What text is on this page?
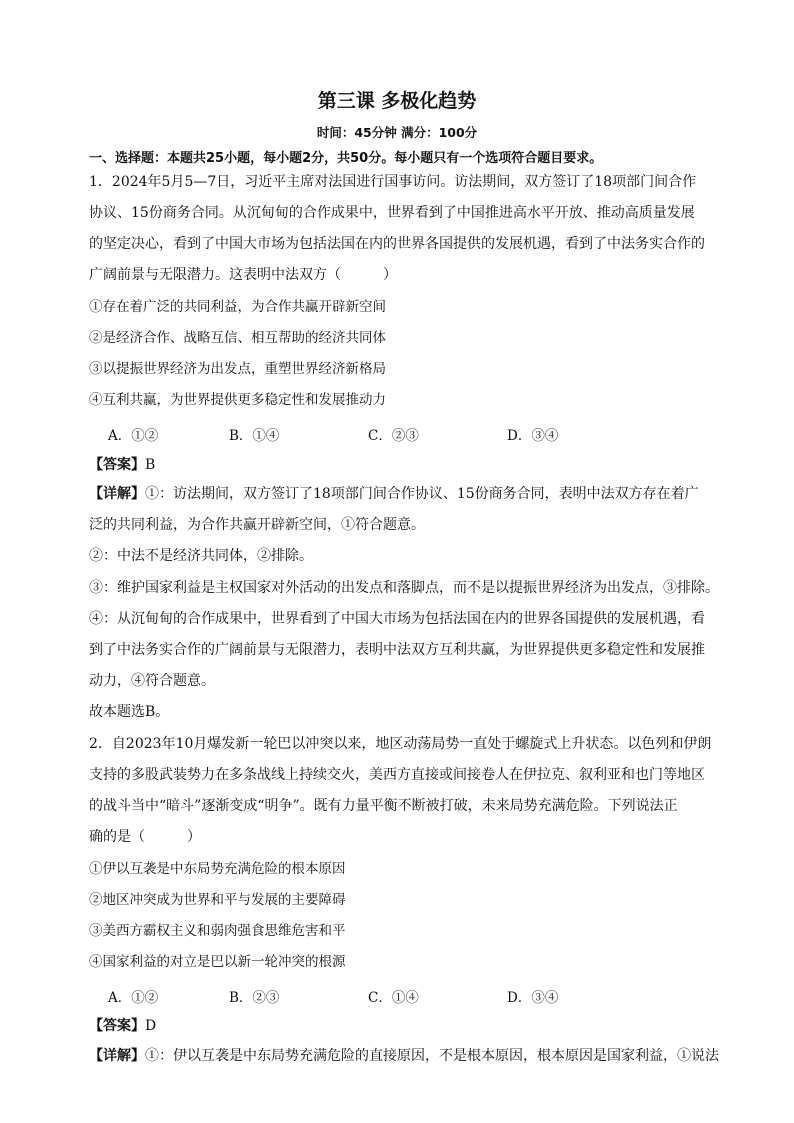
第三课 多极化趋势
时间：45分钟 满分：100分
一、选择题：本题共25小题，每小题2分，共50分。每小题只有一个选项符合题目要求。
1．2024年5月5—7日，习近平主席对法国进行国事访问。访法期间，双方签订了18项部门间合作
协议、15份商务合同。从沉甸甸的合作成果中，世界看到了中国推进高水平开放、推动高质量发展
的坚定决心，看到了中国大市场为包括法国在内的世界各国提供的发展机遇，看到了中法务实合作的
广阔前景与无限潜力。这表明中法双方（　　　）
①存在着广泛的共同利益，为合作共赢开辟新空间
②是经济合作、战略互信、相互帮助的经济共同体
③以提振世界经济为出发点，重塑世界经济新格局
④互利共赢，为世界提供更多稳定性和发展推动力
A．①②	B．①④	C．②③	D．③④
【答案】B
【详解】①：访法期间，双方签订了18项部门间合作协议、15份商务合同，表明中法双方存在着广
泛的共同利益，为合作共赢开辟新空间，①符合题意。
②：中法不是经济共同体，②排除。
③：维护国家利益是主权国家对外活动的出发点和落脚点，而不是以提振世界经济为出发点，③排除。
④：从沉甸甸的合作成果中，世界看到了中国大市场为包括法国在内的世界各国提供的发展机遇，看
到了中法务实合作的广阔前景与无限潜力，表明中法双方互利共赢，为世界提供更多稳定性和发展推
动力，④符合题意。
故本题选B。
2．自2023年10月爆发新一轮巴以冲突以来，地区动荡局势一直处于螺旋式上升状态。以色列和伊朗
支持的多股武装势力在多条战线上持续交火，美西方直接或间接卷人在伊拉克、叙利亚和也门等地区
的战斗当中“暗斗”逐渐变成“明争”。既有力量平衡不断被打破，未来局势充满危险。下列说法正
确的是（　　　）
①伊以互袭是中东局势充满危险的根本原因
②地区冲突成为世界和平与发展的主要障碍
③美西方霸权主义和弱肉强食思维危害和平
④国家利益的对立是巴以新一轮冲突的根源
A．①②	B．②③	C．①④	D．③④
【答案】D
【详解】①：伊以互袭是中东局势充满危险的直接原因，不是根本原因，根本原因是国家利益，①说法
